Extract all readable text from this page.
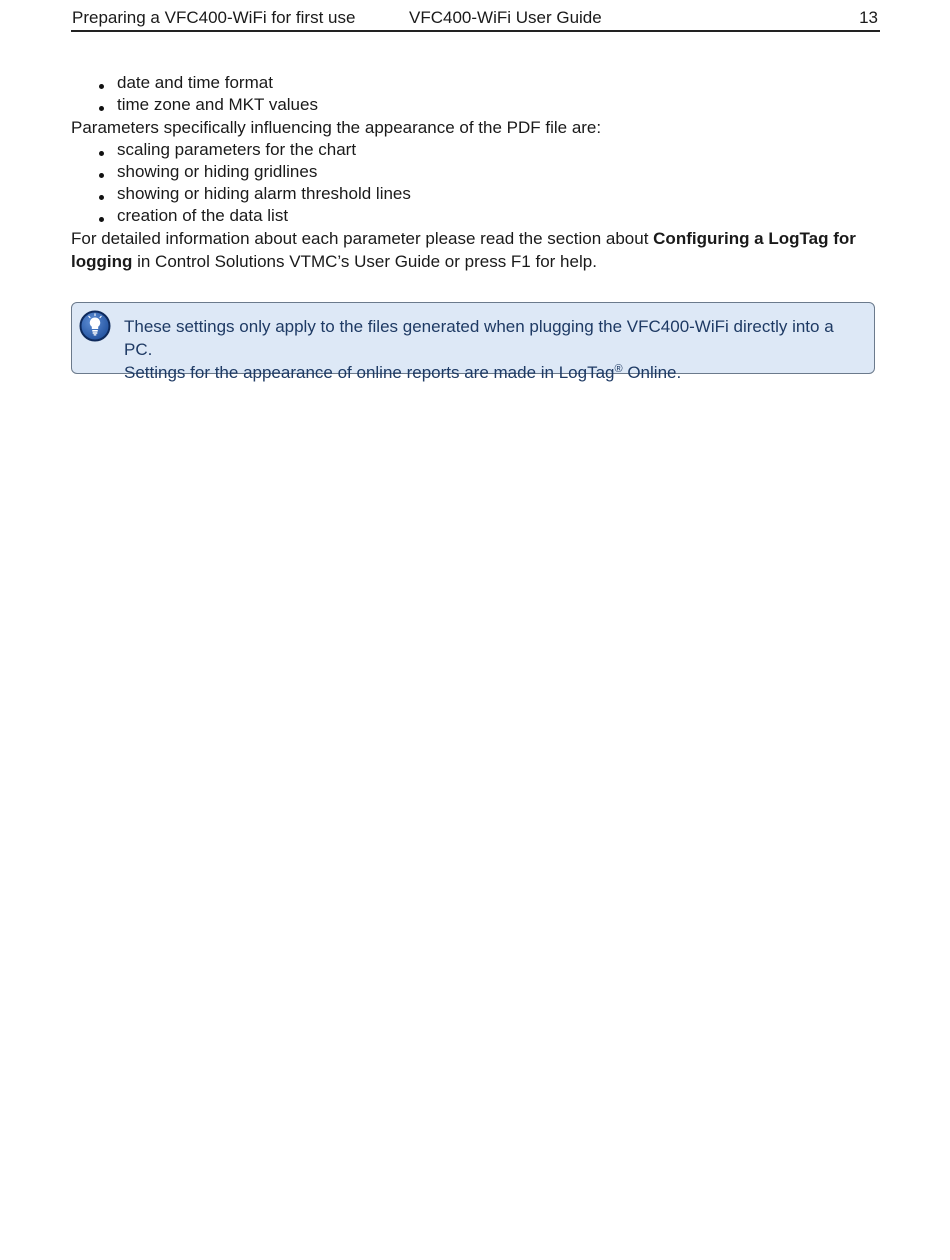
Preparing a VFC400-WiFi for first use	VFC400-WiFi User Guide	13
date and time format
time zone and MKT values

Parameters specifically influencing the appearance of the PDF file are:

scaling parameters for the chart
showing or hiding gridlines
showing or hiding alarm threshold lines
creation of the data list

For detailed information about each parameter please read the section about Configuring a LogTag for logging in Control Solutions VTMC’s User Guide or press F1 for help.

These settings only apply to the files generated when plugging the VFC400-WiFi directly into a PC.
Settings for the appearance of online reports are made in LogTag® Online.
